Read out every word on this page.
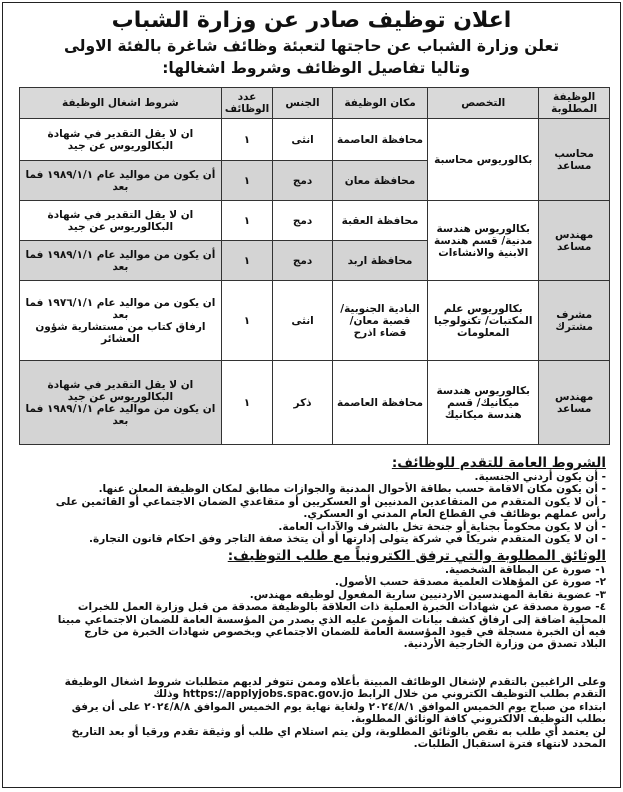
اعلان توظيف صادر عن وزارة الشباب
تعلن وزارة الشباب عن حاجتها لتعبئة وظائف شاغرة بالفئة الاولى
وتاليا تفاصيل الوظائف وشروط اشغالها:
الوظيفة المطلوبة	التخصص	مكان الوظيفة	الجنس	عدد الوظائف	شروط اشغال الوظيفة
محاسب مساعد	بكالوريوس محاسبة	محافظة العاصمة	انثى	١	ان لا يقل التقدير في شهادة البكالوريوس عن جيد

		محافظة معان	دمج	١	أن يكون من مواليد عام ١٩٨٩/١/١ فما بعد

مهندس مساعد	بكالوريوس هندسة مدنية/ قسم هندسة الابنية والانشاءات	محافظة العقبة	دمج	١	ان لا يقل التقدير في شهادة البكالوريوس عن جيد

		محافظة اربد	دمج	١	أن يكون من مواليد عام ١٩٨٩/١/١ فما بعد

مشرف مشترك	بكالوريوس علم المكتبات/ تكنولوجيا المعلومات	البادية الجنوبية/ قصبة معان/ قضاء اذرح	انثى	١	ان يكون من مواليد عام ١٩٧٦/١/١ فما بعد
ارفاق كتاب من مستشارية شؤون العشائر

مهندس مساعد	بكالوريوس هندسة ميكانيك/ قسم هندسة ميكانيك	محافظة العاصمة	ذكر	١	ان لا يقل التقدير في شهادة البكالوريوس عن جيد
ان يكون من مواليد عام ١٩٨٩/١/١ فما بعد
الشروط العامة للتقدم للوظائف:
- أن يكون أردني الجنسية.
- أن يكون مكان الاقامة حسب بطاقة الأحوال المدنية والجوازات مطابق لمكان الوظيفة المعلن عنها.
- أن لا يكون المتقدم من المتقاعدين المدنيين أو العسكريين أو متقاعدي الضمان الاجتماعي أو القائمين على
رأس عملهم بوظائف في القطاع العام المدني او العسكري.
- أن لا يكون محكوماً بجناية أو جنحة تخل بالشرف والآداب العامة.
- ان لا يكون المتقدم شريكاً في شركة يتولى إدارتها أو أن يتخذ صفة التاجر وفق احكام قانون التجارة.
الوثائق المطلوبة والتي ترفق الكترونياً مع طلب التوظيف:
١- صورة عن البطاقة الشخصية.
٢- صورة عن المؤهلات العلمية مصدقة حسب الأصول.
٣- عضوية نقابة المهندسين الاردنيين سارية المفعول لوظيفه مهندس.
٤- صورة مصدقة عن شهادات الخبرة العملية ذات العلاقة بالوظيفة مصدقة من قبل وزارة العمل للخبرات
المحلية اضافة إلى ارفاق كشف بيانات المؤمن عليه الذي يصدر من المؤسسة العامة للضمان الاجتماعي مبينا
فيه أن الخبرة مسجلة في قيود المؤسسة العامة للضمان الاجتماعي وبخصوص شهادات الخبرة من خارج
البلاد تصدق من وزارة الخارجية الأردنية.
وعلى الراغبين بالتقدم لإشغال الوظائف المبينة بأعلاه وممن تتوفر لديهم متطلبات شروط اشغال الوظيفة
التقدم بطلب التوظيف الكتروني من خلال الرابط https://applyjobs.spac.gov.jo وذلك
ابتداء من صباح يوم الخميس الموافق ٢٠٢٤/٨/١ ولغاية نهاية يوم الخميس الموافق ٢٠٢٤/٨/٨ على أن يرفق
بطلب التوظيف الالكتروني كافة الوثائق المطلوبة.
لن يعتمد أي طلب به نقص بالوثائق المطلوبة، ولن يتم استلام اي طلب أو وثيقة تقدم ورقيا أو بعد التاريخ
المحدد لانتهاء فترة استقبال الطلبات.
